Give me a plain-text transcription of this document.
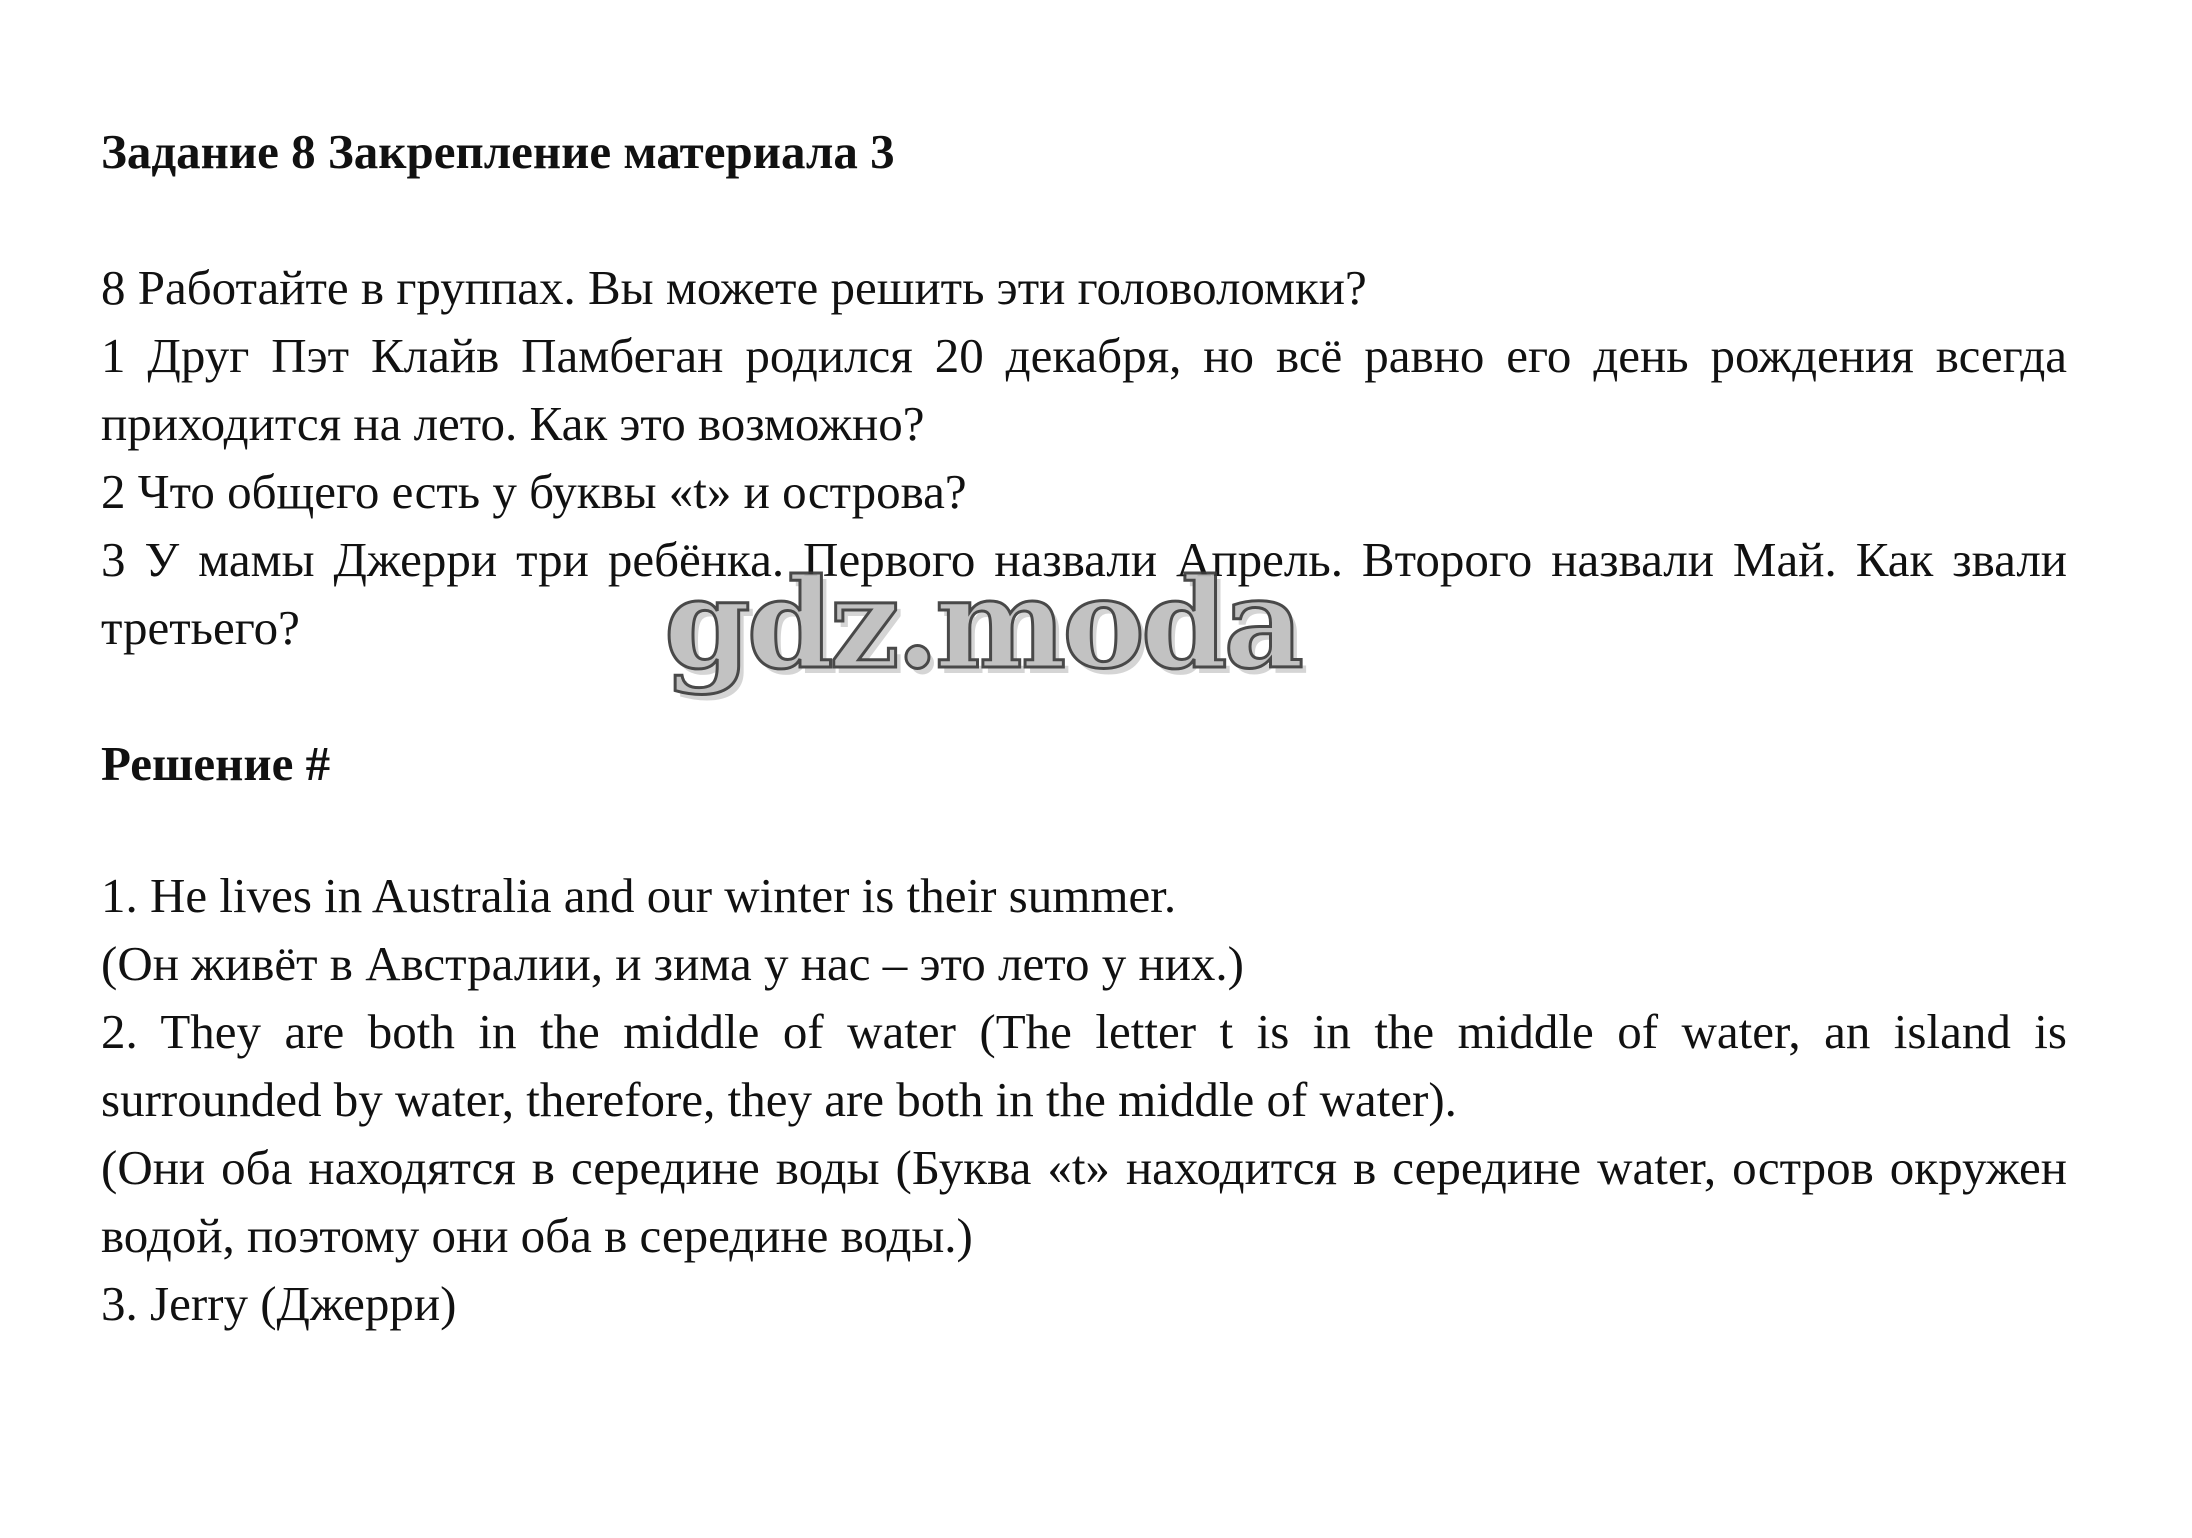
Задание 8 Закрепление материала 3

8 Работайте в группах. Вы можете решить эти головоломки?

1 Друг Пэт Клайв Памбеган родился 20 декабря, но всё равно его день рождения всегда приходится на лето. Как это возможно?

2 Что общего есть у буквы «t» и острова?

3 У мамы Джерри три ребёнка. Первого назвали Апрель. Второго назвали Май. Как звали третьего?

Решение #

1. He lives in Australia and our winter is their summer.

(Он живёт в Австралии, и зима у нас – это лето у них.)

2. They are both in the middle of water (The letter t is in the middle of water, an island is surrounded by water, therefore, they are both in the middle of water).

(Они оба находятся в середине воды (Буква «t» находится в середине water, остров окружен водой, поэтому они оба в середине воды.)

3. Jerry (Джерри)

gdz.moda
